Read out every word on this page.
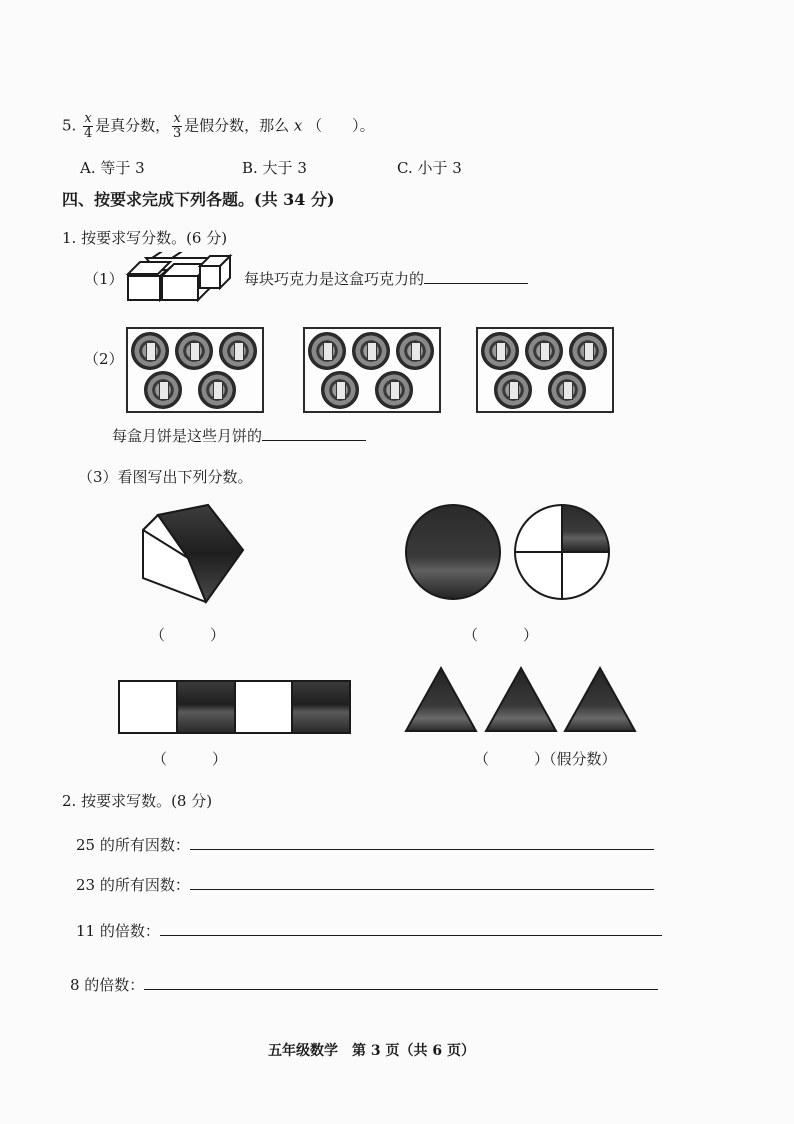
5. $\frac{x}{4}$ 是真分数， $\frac{x}{3}$ 是假分数，那么 x （　　）。
A. 等于 3	B. 大于 3	C. 小于 3
四、按要求完成下列各题。(共 34 分)
1. 按要求写分数。(6 分)
（1）	每块巧克力是这盒巧克力的
（2）
每盒月饼是这些月饼的
（3）看图写出下列分数。
（　　　）	（　　　）
（　　　）	（　　　）（假分数）
2. 按要求写数。(8 分)
25 的所有因数：
23 的所有因数：
11 的倍数：
8 的倍数：
五年级数学　第 3 页（共 6 页）
